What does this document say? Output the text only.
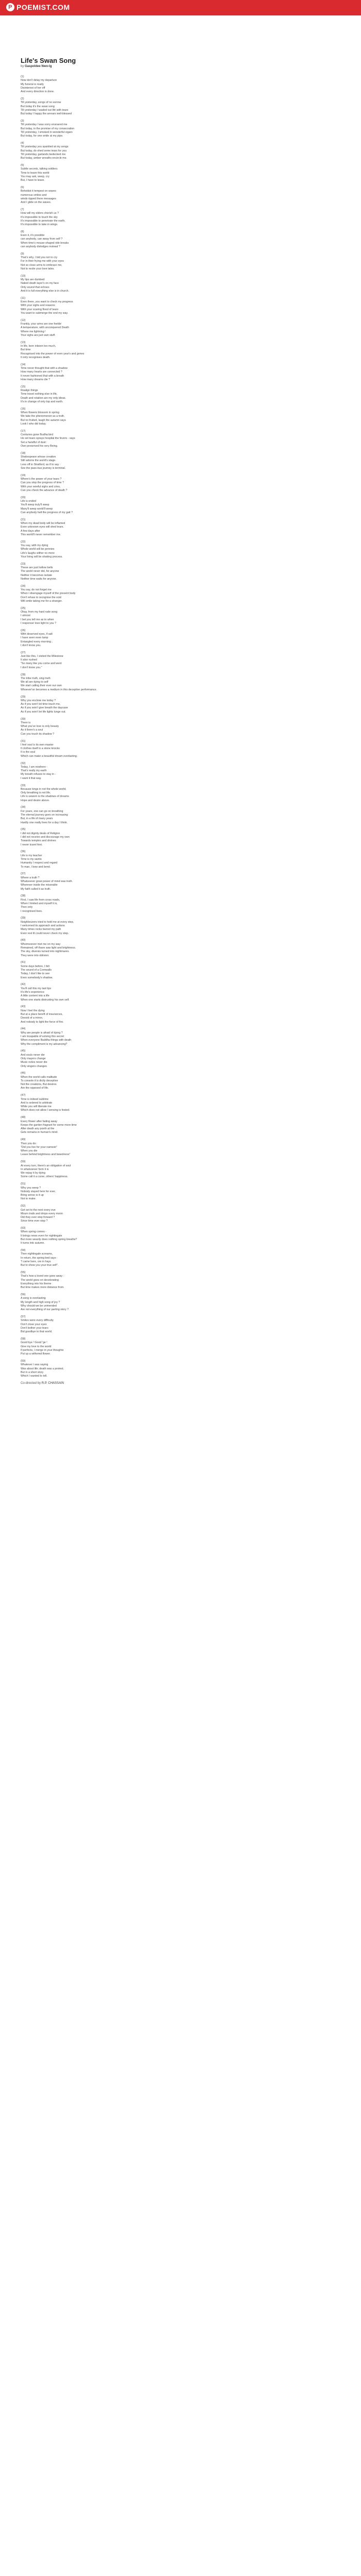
P POEMIST.COM
Life's Swan Song
by Gaspoldee Nwo-Ig
(1)
Now don't delay my departure
My funeral is ready
Disinterest of her off
And every direction is done.
(2)
Till yesterday, songs of no sorrow
But today it's the swan song
Till yesterday I waded out life with tears
But today I happy the arrears well-blessed
(3)
Till yesterday I was sorry ensnared me
But today, in the promise of my consecration
Till yesterday, I smoked in wonderful cigars
But today, for one smile at my pipe.
(4)
Till yesterday you sparkled at my songs
But today, do shed some tears for you
Till yesterday, garlands bedecked me
But today, amber wreaths encircle me.
(5)
Subtle secrets, talking soldiers
Time to leave this world
You may ask, weep, cry
But, I have to leave.
(6)
Beholdst it tempest on waves
numerous smiles and
winds ripped there messages
And I glide on the waves.
(7)
How will my elders cherish us ?
It's impossible to touch the sky
It's impossible to penetrate the earth,
It's impossible to take in wings.
(8)
Even it, it's possible
can anybody, can away from self ?
When time's mouse-shaped ride breaks
can anybody dislodges instead ?
(9)
That's why, I bid you not to cry
For in their frying me with your eyes
Not so close arms to embrace me,
Not to recite your love tales.
(10)
My lips are dumbed
Naked death layer's on my face
Only sound that echoes
And it is full everything else is in church.
(11)
Even there, you want to check my progress
With your sighs and reasons
With your scaring flood of tears
You want to submerge the end my way.
(12)
Frankly, your arms are one feeble
A temperature, with unconquered Death
Where me lightning !
Your sighs are just vain stuff.
(13)
In life, born inbeen too much,
But time
Recognised into the power of even year's and genes
It only recognises death.
(14)
Time never thought that with a shadow
How many hearts are connected ?
It never fashioned that with a breath
How many dreams die ?
(15)
Realign things
Time travel nothing else in life,
Death and rotation are my only ideas.
It's in change of only top and earth.
(16)
When flowers blossom in spring
We take the phenomenon as a truth.
But no fruited, laugh the autumn says
Look I who did today.
(17)
Centuries gone Budha bird
He set tears sprays hospital the fevers - says
Set a handful of dust :
Own preserved his very Being.
(18)
Shakespeare whose creation
Still adorns the world's stage.
Less off in Stratford, as if to say :
See the pass-bus journey is terminal.
(19)
Where's the power of your tears ?
Can you stop the progress of time ?
With your woeful sighs and cries,
Can you check the advance of death ?
(20)
Life is ended
You'll weep truly'll weep
Many'll weep world'll weep
Can anybody halt the progress of my gait ?
(21)
When my dead body will be inflamed
Even unknown eyes will shed tears.
A few days after
This world'll never remember me.
(22)
You say, with my dying
Whole world will be pennies
Life's laughs wither no more
Your living will be shaking process.
(23)
These are just hollow bells
The world never did, for anyone
Neither it becomes isolate
Neither time waits for anyone.
(24)
You say, do not forget me
When I disengage myself of the present body
Don't refuse to recognise the void
Will smile taking me for a stranger.
(25)
Okay, from my hard rude song
I utmost
I bet you tell me as to when
I response/ love light to you ?
(26)
With deserved eyes, if salt
I have seen even lamp
Entangled every morning ;
I don't know you.
(27)
Just like this, I visited the Milestone
It also rushed
"So many like you come and went
I don't know you."
(28)
The tribe truth, sing truth
We all are dying to self
We start calling their ever our own
Whoever'on becomes a medium in this deceptive performance.
(29)
Why you enclose me today ?
As if you won't let time touch me,
As if you won't give breath the daycase
As if you won't let life lights lunge out.
(30)
There is
What you've love is only beauty
As it there's a soul
Can you touch its shadow ?
(31)
I feel soul is its own master
It clothes itself in a stone knocks
It is the soul
Which can make a beautiful dream everlasting.
(32)
Today, I am nowhere -
That's really my earth
My breath refuses to stay in -
I want it that way.
(33)
Because kings in not the whole world,
Only breathing is not life,
Life is sewern is the shadows of dreams
Hope and desire above.
(34)
For years, one can go on breathing
The eternal journey goes on increasing
But, in a life of many years
Hardly one really lives for a day I think.
(35)
I did not dignity deals of Religion
I did not receive and discourage my own
Towards temples and shrines
I never travel feet.
(36)
Life is my teacher
Time is my saints
Humanity I respect and regard
To man, I bow and bend.
(37)
Where a truth ?
Whatsoever great power of mind was truth.
Wherever inside the miserable
My faith called it as truth.
(38)
First, I saw life from cross roads,
When I limited and myself it is,
Then only
I recognised lives.
(39)
Neighbourers tried to hold me at every step,
I welcomed its approach and actions
Many times rocks barred my path
Even rest lit could never check my step.
(40)
Whomsoever met me on my way
Remained, off thave saw light and brightness.
The sky, diversis turned into nightmares.
They were into oblivion.
(41)
Some days before, I felt
The sound of a Cornwalls
Today, I don't like to see
Even somebody's shadow.
(42)
You'll call this my last lips
It's life's experience
A little content into a life
When one starts distrusting his own self.
(43)
Now I feel the dying
But at a place bereft of insurances,
Devoid of a mirror,
And nobody to light the force of fire.
(44)
Why are people is afraid of dying ?
I am incapable of solving this secret
When everyone Buddha things with death
Why the compliment is my advancing?
(45)
And souls never die
Only mayers change
Music notes never die
Only singers changes
(46)
When the world calls malitude
To console it is dictly deceptive
Not the creations, But desires
Are the opposed of life.
(47)
Time is indeed sublime
And is ordered to arbitrate
While you will liberate me
Which does not allow I sensing is fested.
(48)
Every flower after fading away
Keeps the garden fragrant for some more time
After death any poeth at the
Gets remains in human's mind.
(49)
Then you do :
"Did you live for your namesti"
When you die
Leave behind brightness and bewolness"
(50)
At every turn, there's an obligation of soul
In whatsoever form it is
We repay it by dying
Some call it a curse, others' happiness.
(51)
Why you weep ?
Nobody stayed here for ever,
Bring worse is it up
Not to make.
(52)
Get set to the next every eve
Mourn trails and drops every moon
Did they ever step forward ?
Since time ever stop ?
(53)
When spring comes -
It brings news even for nightingale
But more wearily does nothing spring breaths?
It turns into autumn.
(54)
Then nightingale screams,
In return, the spring bed says :
"I came here, ore in hays
But to show you your true self".
(55)
That's how a loved one goes away :
The world goes on decelerating
Everything into his theme
But time makes more distance from.
(56)
A song is everlasting
My length and high song of joy ?
Why should we be unmended
Are not everything of our parting story ?
(57)
Smiles were every difficulty
Don't close your eyes
Don't bother your tears
Bid goodbye to that world.
(58)
Good bye ! Good 'ge !
Give my love to the world
If perfects, I merge in your thoughts
Put up a withered flower.
(59)
Whatever I was saying
Was about life; death was a protest.
But in a short story
Which I wanted to tell.
Co-directed by R.P. CHASSAIN
